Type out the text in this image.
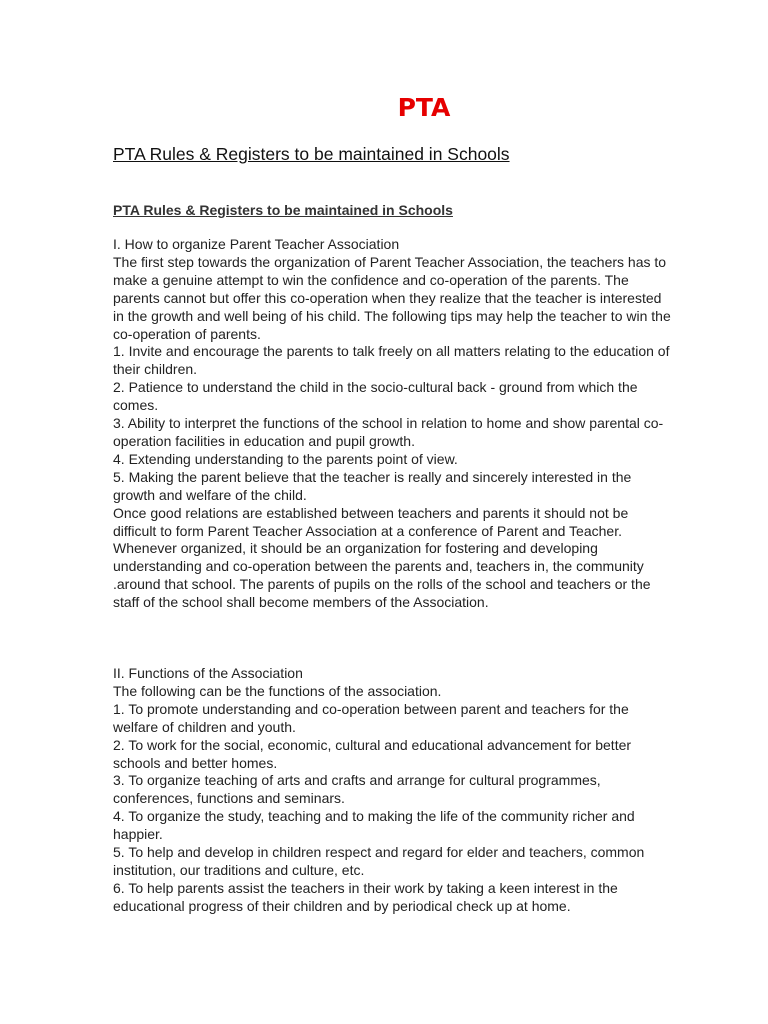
PTA
PTA Rules & Registers to be maintained in Schools
PTA Rules & Registers to be maintained in Schools

I. How to organize Parent Teacher Association

The first step towards the organization of Parent Teacher Association, the teachers has to make a genuine attempt to win the confidence and co-operation of the parents. The parents cannot but offer this co-operation when they realize that the teacher is interested in the growth and well being of his child. The following tips may help the teacher to win the co-operation of parents.

1. Invite and encourage the parents to talk freely on all matters relating to the education of their children.

2. Patience to understand the child in the socio-cultural back - ground from which the comes.

3. Ability to interpret the functions of the school in relation to home and show parental co-operation facilities in education and pupil growth.

4. Extending understanding to the parents point of view.

5. Making the parent believe that the teacher is really and sincerely interested in the growth and welfare of the child.

Once good relations are established between teachers and parents it should not be difficult to form Parent Teacher Association at a conference of Parent and Teacher.

Whenever organized, it should be an organization for fostering and developing understanding and co-operation between the parents and, teachers in, the community .around that school. The parents of pupils on the rolls of the school and teachers or the staff of the school shall become members of the Association.

II. Functions of the Association

The following can be the functions of the association.

1. To promote understanding and co-operation between parent and teachers for the welfare of children and youth.

2. To work for the social, economic, cultural and educational advancement for better schools and better homes.

3. To organize teaching of arts and crafts and arrange for cultural programmes, conferences, functions and seminars.

4. To organize the study, teaching and to making the life of the community richer and happier.

5. To help and develop in children respect and regard for elder and teachers, common institution, our traditions and culture, etc.

6. To help parents assist the teachers in their work by taking a keen interest in the educational progress of their children and by periodical check up at home.
